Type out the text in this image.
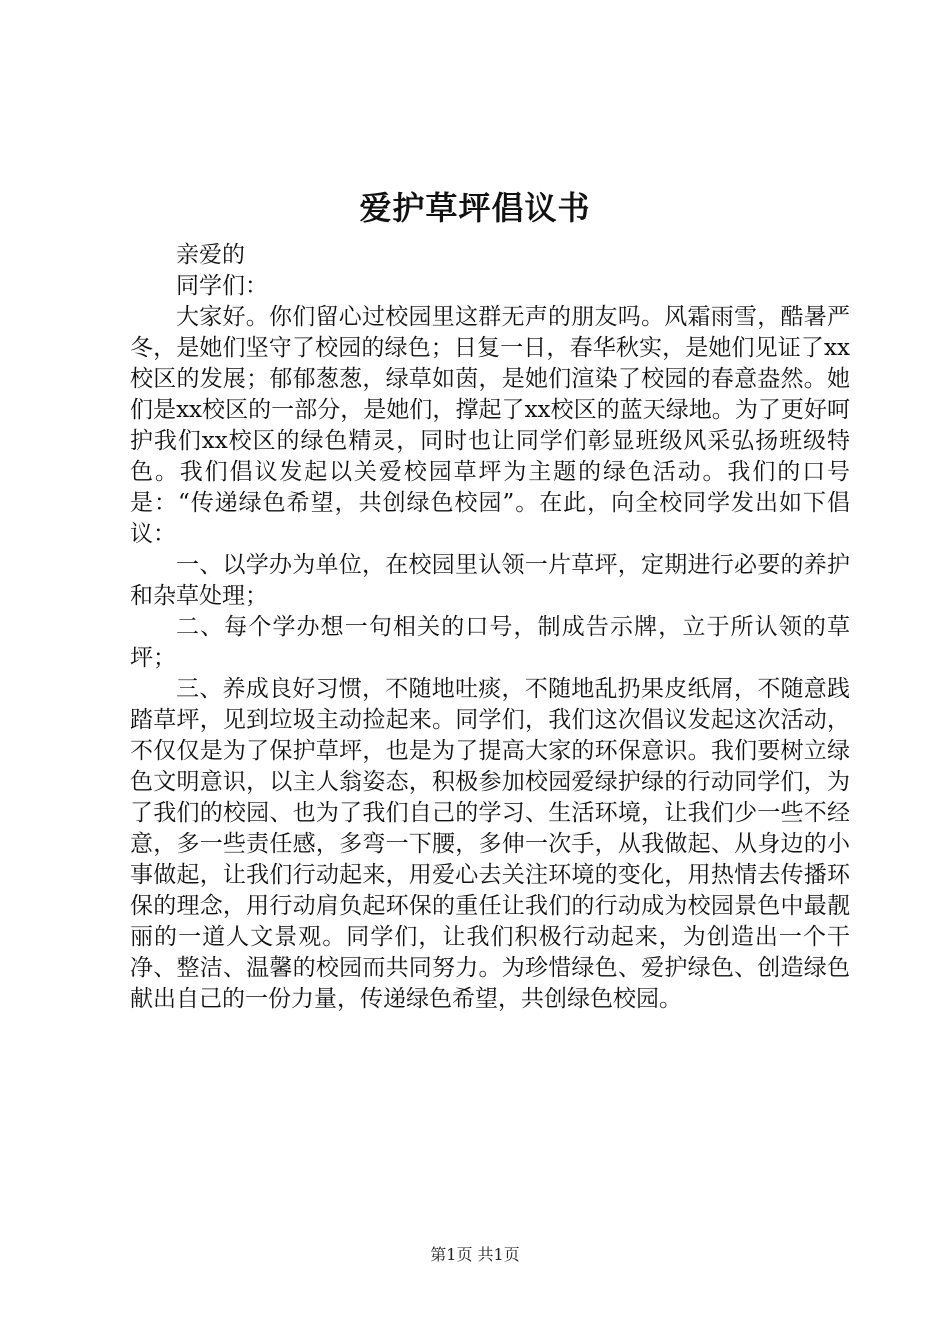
爱护草坪倡议书

亲爱的

同学们：

大家好。你们留心过校园里这群无声的朋友吗。风霜雨雪，酷暑严冬，是她们坚守了校园的绿色；日复一日，春华秋实，是她们见证了xx校区的发展；郁郁葱葱，绿草如茵，是她们渲染了校园的春意盎然。她们是xx校区的一部分，是她们，撑起了xx校区的蓝天绿地。为了更好呵护我们xx校区的绿色精灵，同时也让同学们彰显班级风采弘扬班级特色。我们倡议发起以关爱校园草坪为主题的绿色活动。我们的口号是：“传递绿色希望，共创绿色校园”。在此，向全校同学发出如下倡议：

一、以学办为单位，在校园里认领一片草坪，定期进行必要的养护和杂草处理；

二、每个学办想一句相关的口号，制成告示牌，立于所认领的草坪；

三、养成良好习惯，不随地吐痰，不随地乱扔果皮纸屑，不随意践踏草坪，见到垃圾主动捡起来。同学们，我们这次倡议发起这次活动，不仅仅是为了保护草坪，也是为了提高大家的环保意识。我们要树立绿色文明意识，以主人翁姿态，积极参加校园爱绿护绿的行动同学们，为了我们的校园、也为了我们自己的学习、生活环境，让我们少一些不经意，多一些责任感，多弯一下腰，多伸一次手，从我做起、从身边的小事做起，让我们行动起来，用爱心去关注环境的变化，用热情去传播环保的理念，用行动肩负起环保的重任让我们的行动成为校园景色中最靓丽的一道人文景观。同学们，让我们积极行动起来，为创造出一个干净、整洁、温馨的校园而共同努力。为珍惜绿色、爱护绿色、创造绿色献出自己的一份力量，传递绿色希望，共创绿色校园。

第1页 共1页
